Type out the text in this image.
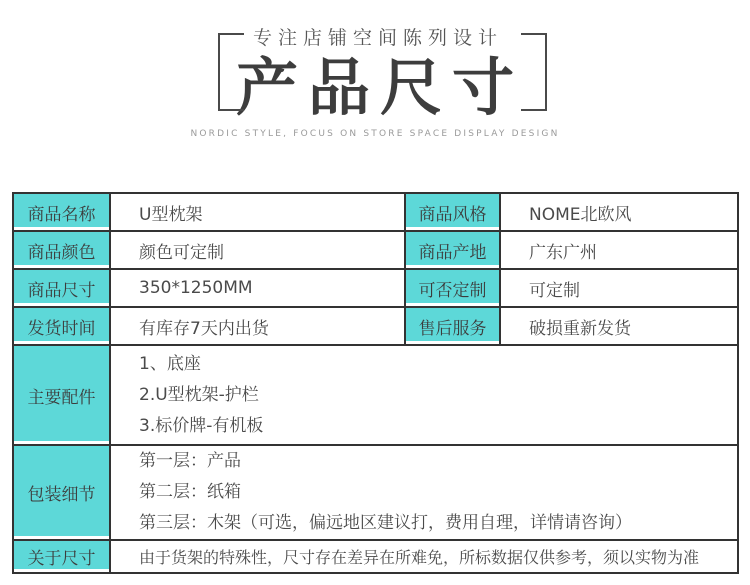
专注店铺空间陈列设计
产品尺寸
NORDIC STYLE, FOCUS ON STORE SPACE DISPLAY DESIGN
商品名称	U型枕架	商品风格	NOME北欧风
商品颜色	颜色可定制	商品产地	广东广州
商品尺寸	350*1250MM	可否定制	可定制
发货时间	有库存7天内出货	售后服务	破损重新发货
主要配件	1、底座
2.U型枕架-护栏
3.标价牌-有机板		

包装细节	第一层：产品
第二层：纸箱
第三层：木架（可选，偏远地区建议打，费用自理，详情请咨询）		

关于尺寸	由于货架的特殊性，尺寸存在差异在所难免，所标数据仅供参考，须以实物为准		
